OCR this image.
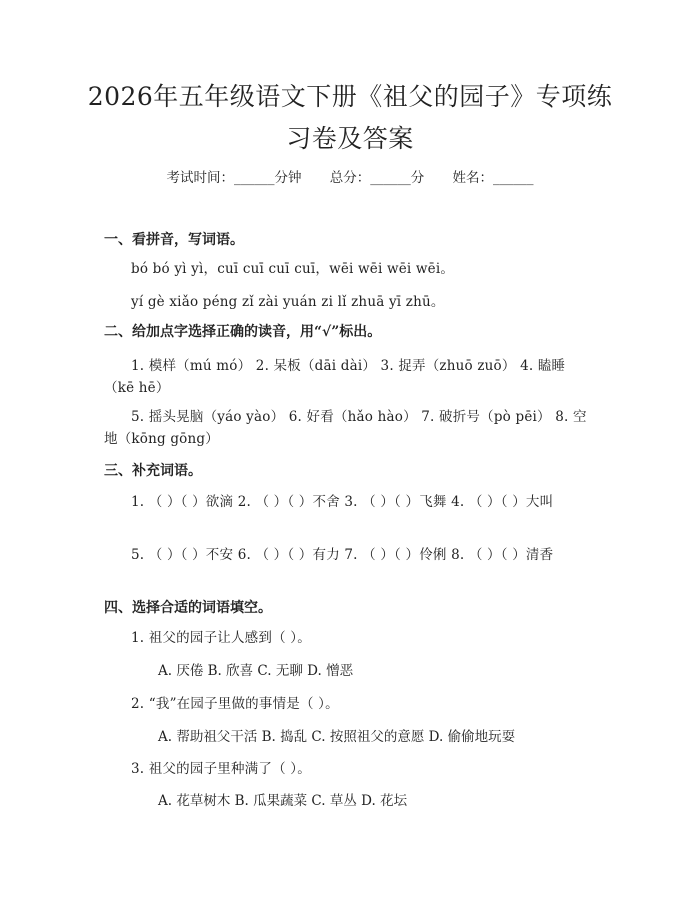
2026年五年级语文下册《祖父的园子》专项练习卷及答案
考试时间：______分钟 总分：______分 姓名：______

一、看拼音，写词语。

bó bó yì yì，cuī cuī cuī cuī，wēi wēi wēi wēi。

yí gè xiǎo péng zǐ zài yuán zi lǐ zhuā yī zhū。

二、给加点字选择正确的读音，用“√”标出。

1. 模样（mú mó） 2. 呆板（dāi dài） 3. 捉弄（zhuō zuō） 4. 瞌睡（kē hē）

5. 摇头晃脑（yáo yào） 6. 好看（hǎo hào） 7. 破折号（pò pēi） 8. 空地（kōng gōng）

三、补充词语。

1. （ ）（ ）欲滴 2. （ ）（ ）不舍 3. （ ）（ ）飞舞 4. （ ）（ ）大叫

5. （ ）（ ）不安 6. （ ）（ ）有力 7. （ ）（ ）伶俐 8. （ ）（ ）清香

四、选择合适的词语填空。

1. 祖父的园子让人感到（ ）。

A. 厌倦 B. 欣喜 C. 无聊 D. 憎恶

2. “我”在园子里做的事情是（ ）。

A. 帮助祖父干活 B. 捣乱 C. 按照祖父的意愿 D. 偷偷地玩耍

3. 祖父的园子里种满了（ ）。

A. 花草树木 B. 瓜果蔬菜 C. 草丛 D. 花坛
